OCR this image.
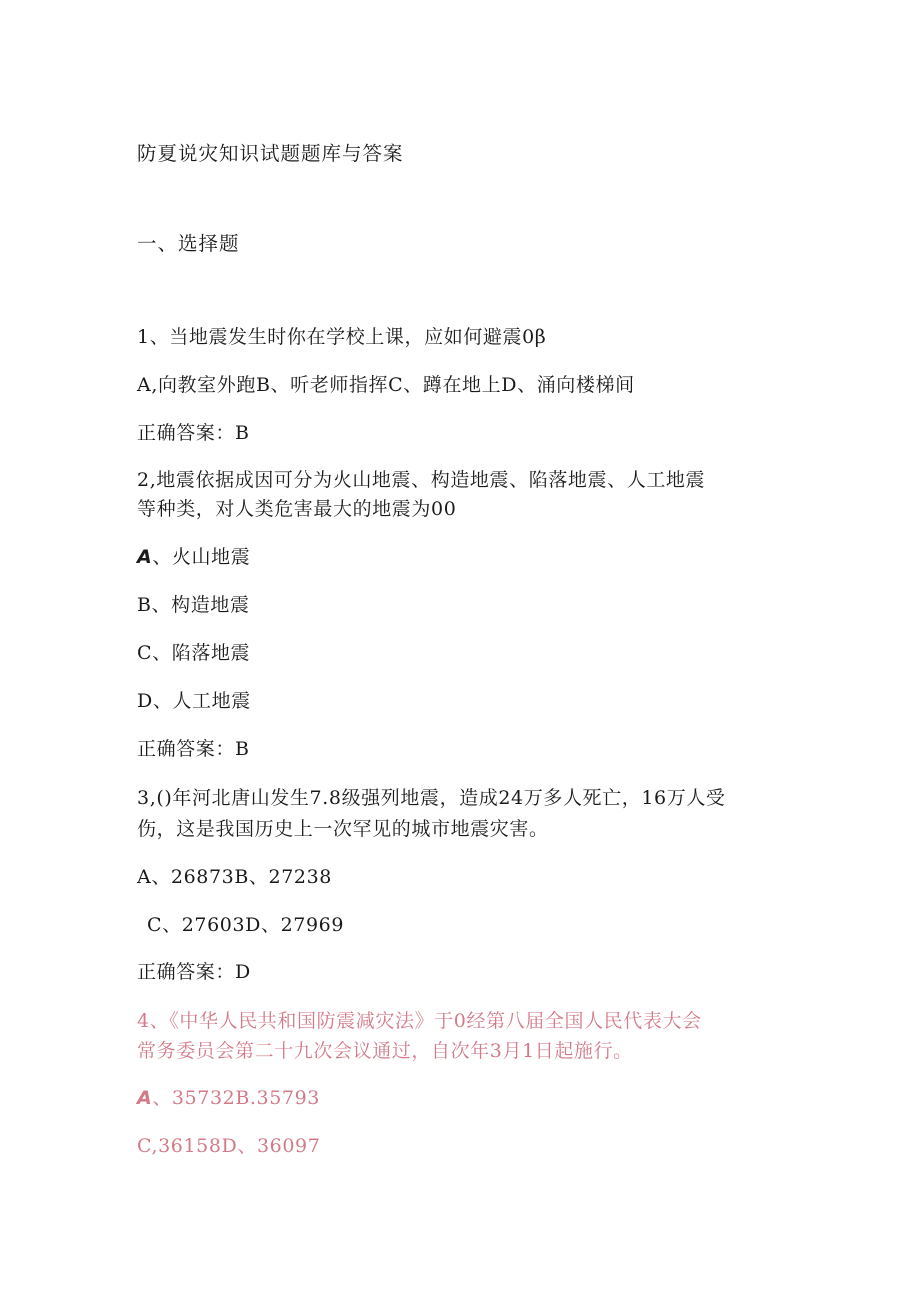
防夏说灾知识试题题库与答案
一、选择题
1、当地震发生时你在学校上课，应如何避震0β
A,向教室外跑B、听老师指挥C、蹲在地上D、涌向楼梯间
正确答案：B
2,地震依据成因可分为火山地震、构造地震、陷落地震、人工地震
等种类，对人类危害最大的地震为00
A、火山地震
B、构造地震
C、陷落地震
D、人工地震
正确答案：B
3,()年河北唐山发生7.8级强列地震，造成24万多人死亡，16万人受
伤，这是我国历史上一次罕见的城市地震灾害。
A、26873B、27238
C、27603D、27969
正确答案：D
4、《中华人民共和国防震减灾法》于0经第八届全国人民代表大会
常务委员会第二十九次会议通过，自次年3月1日起施行。
A、35732B.35793
C,36158D、36097
